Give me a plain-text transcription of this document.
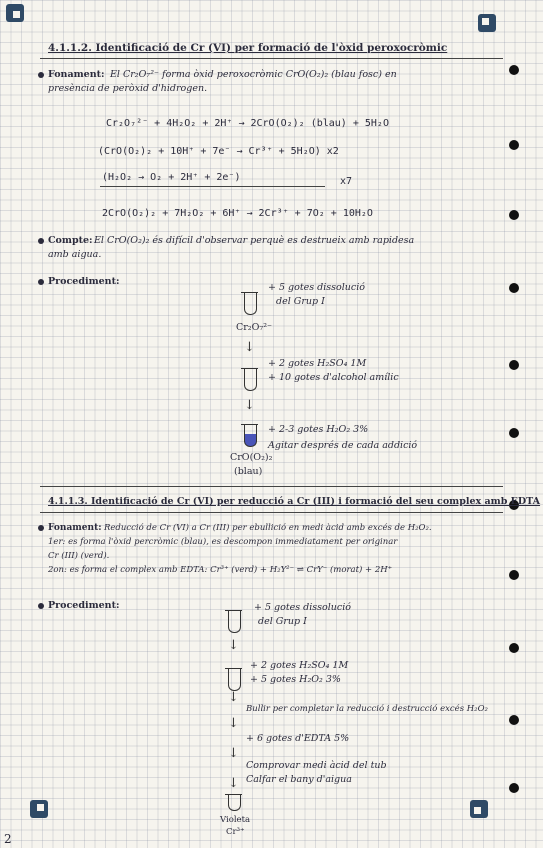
4.1.1.2. Identificació de Cr (VI) per formació de l'òxid peroxocròmic
Fonament: El Cr₂O₇²⁻ forma òxid peroxocròmic CrO(O₂)₂ (blau fosc) en
presència de peròxid d'hidrogen.
Cr₂O₇²⁻ + 4H₂O₂ + 2H⁺ → 2CrO(O₂)₂ (blau) + 5H₂O
(CrO(O₂)₂ + 10H⁺ + 7e⁻ → Cr³⁺ + 5H₂O) x2
(H₂O₂ → O₂ + 2H⁺ + 2e⁻)	x7
2CrO(O₂)₂ + 7H₂O₂ + 6H⁺ → 2Cr³⁺ + 7O₂ + 10H₂O
Compte: El CrO(O₂)₂ és difícil d'observar perquè es destrueix amb rapidesa
amb aigua.
Procediment:
+ 5 gotes dissolució
del Grup I
Cr₂O₇²⁻
↓
+ 2 gotes H₂SO₄ 1M
+ 10 gotes d'alcohol amílic
↓
+ 2-3 gotes H₂O₂ 3%
Agitar després de cada addició
CrO(O₂)₂
(blau)
4.1.1.3. Identificació de Cr (VI) per reducció a Cr (III) i formació del seu complex amb EDTA
Fonament: Reducció de Cr (VI) a Cr (III) per ebullició en medi àcid amb excés de H₂O₂.
1er: es forma l'òxid percròmic (blau), es descompon immediatament per originar
Cr (III) (verd).
2on: es forma el complex amb EDTA: Cr³⁺ (verd) + H₂Y²⁻ ⇌ CrY⁻ (morat) + 2H⁺
Procediment:	+ 5 gotes dissolució
del Grup I
↓
+ 2 gotes H₂SO₄ 1M
+ 5 gotes H₂O₂ 3%
↓
Bullir per completar la reducció i destrucció excés H₂O₂
↓
+ 6 gotes d'EDTA 5%
↓
Comprovar medi àcid del tub
Calfar el bany d'aigua
↓
Violeta
Cr³⁺
2
